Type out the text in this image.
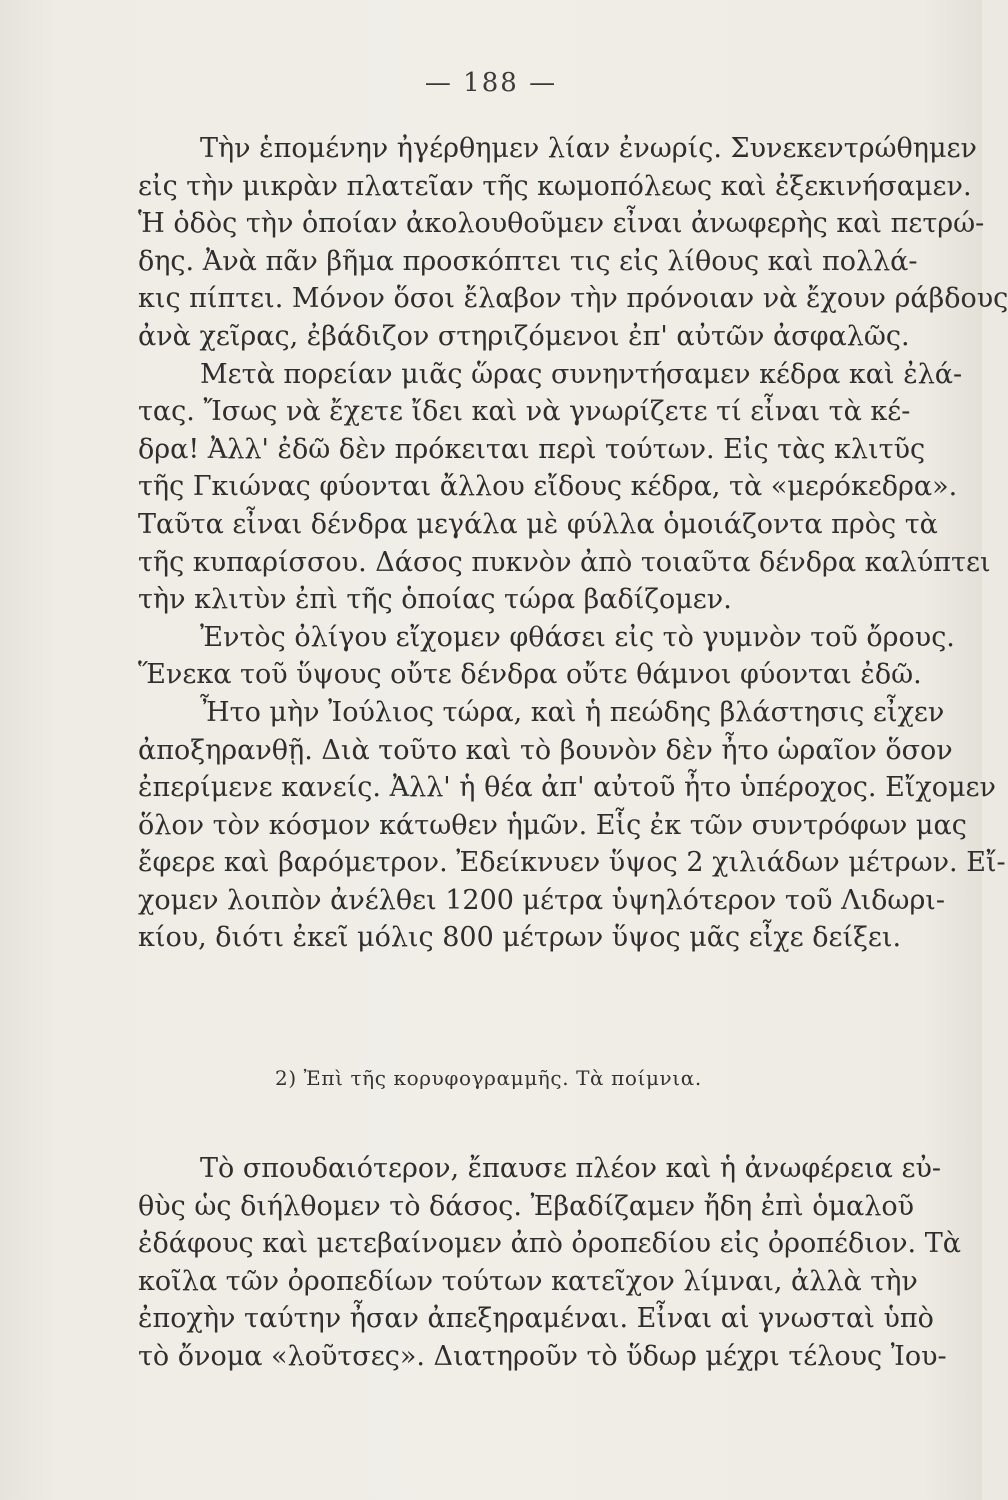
— 188 —
Τὴν ἑπομένην ἠγέρθημεν λίαν ἐνωρίς. Συνεκεντρώθημεν
εἰς τὴν μικρὰν πλατεῖαν τῆς κωμοπόλεως καὶ ἐξεκινήσαμεν.
Ἡ ὁδὸς τὴν ὁποίαν ἀκολουθοῦμεν εἶναι ἀνωφερὴς καὶ πετρώ-
δης. Ἀνὰ πᾶν βῆμα προσκόπτει τις εἰς λίθους καὶ πολλά-
κις πίπτει. Μόνον ὅσοι ἔλαβον τὴν πρόνοιαν νὰ ἔχουν ράβδους
ἀνὰ χεῖρας, ἐβάδιζον στηριζόμενοι ἐπ' αὐτῶν ἀσφαλῶς.
Μετὰ πορείαν μιᾶς ὥρας συνηντήσαμεν κέδρα καὶ ἐλά-
τας. Ἴσως νὰ ἔχετε ἴδει καὶ νὰ γνωρίζετε τί εἶναι τὰ κέ-
δρα! Ἀλλ' ἐδῶ δὲν πρόκειται περὶ τούτων. Εἰς τὰς κλιτῦς
τῆς Γκιώνας φύονται ἄλλου εἴδους κέδρα, τὰ «μερόκεδρα».
Ταῦτα εἶναι δένδρα μεγάλα μὲ φύλλα ὁμοιάζοντα πρὸς τὰ
τῆς κυπαρίσσου. Δάσος πυκνὸν ἀπὸ τοιαῦτα δένδρα καλύπτει
τὴν κλιτὺν ἐπὶ τῆς ὁποίας τώρα βαδίζομεν.
Ἐντὸς ὀλίγου εἴχομεν φθάσει εἰς τὸ γυμνὸν τοῦ ὄρους.
Ἕνεκα τοῦ ὕψους οὔτε δένδρα οὔτε θάμνοι φύονται ἐδῶ.
Ἦτο μὴν Ἰούλιος τώρα, καὶ ἡ πεώδης βλάστησις εἶχεν
ἀποξηρανθῇ. Διὰ τοῦτο καὶ τὸ βουνὸν δὲν ἦτο ὡραῖον ὅσον
ἐπερίμενε κανείς. Ἀλλ' ἡ θέα ἀπ' αὐτοῦ ἦτο ὑπέροχος. Εἴχομεν
ὅλον τὸν κόσμον κάτωθεν ἡμῶν. Εἷς ἐκ τῶν συντρόφων μας
ἔφερε καὶ βαρόμετρον. Ἐδείκνυεν ὕψος 2 χιλιάδων μέτρων. Εἴ-
χομεν λοιπὸν ἀνέλθει 1200 μέτρα ὑψηλότερον τοῦ Λιδωρι-
κίου, διότι ἐκεῖ μόλις 800 μέτρων ὕψος μᾶς εἶχε δείξει.
2) Ἐπὶ τῆς κορυφογραμμῆς. Τὰ ποίμνια.
Τὸ σπουδαιότερον, ἔπαυσε πλέον καὶ ἡ ἀνωφέρεια εὐ-
θὺς ὡς διήλθομεν τὸ δάσος. Ἐβαδίζαμεν ἤδη ἐπὶ ὁμαλοῦ
ἐδάφους καὶ μετεβαίνομεν ἀπὸ ὀροπεδίου εἰς ὀροπέδιον. Τὰ
κοῖλα τῶν ὀροπεδίων τούτων κατεῖχον λίμναι, ἀλλὰ τὴν
ἐποχὴν ταύτην ἦσαν ἀπεξηραμέναι. Εἶναι αἱ γνωσταὶ ὑπὸ
τὸ ὄνομα «λοῦτσες». Διατηροῦν τὸ ὕδωρ μέχρι τέλους Ἰου-
